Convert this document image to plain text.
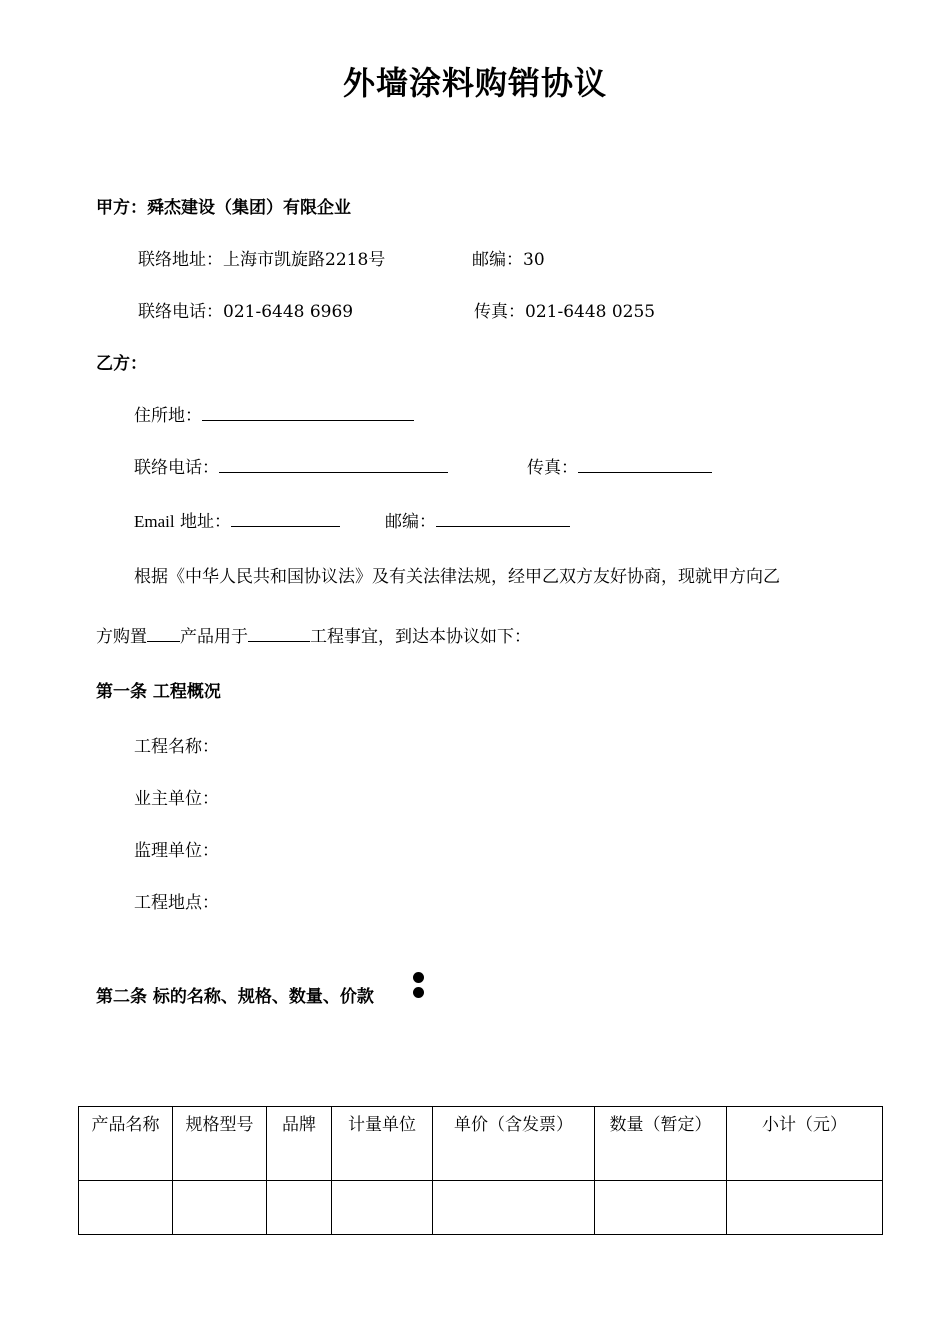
外墙涂料购销协议
甲方：舜杰建设（集团）有限企业
联络地址：上海市凯旋路2218号	邮编：30
联络电话：021-6448 6969	传真：021-6448 0255
乙方：
住所地：
联络电话：	传真：
Email 地址：	邮编：
根据《中华人民共和国协议法》及有关法律法规，经甲乙双方友好协商，现就甲方向乙
方购置 产品用于	工程事宜，到达本协议如下：
第一条 工程概况
工程名称：
业主单位：
监理单位：
工程地点：
第二条 标的名称、规格、数量、价款
产品名称	规格型号	品牌	计量单位	单价（含发票）	数量（暂定）	小计（元）
